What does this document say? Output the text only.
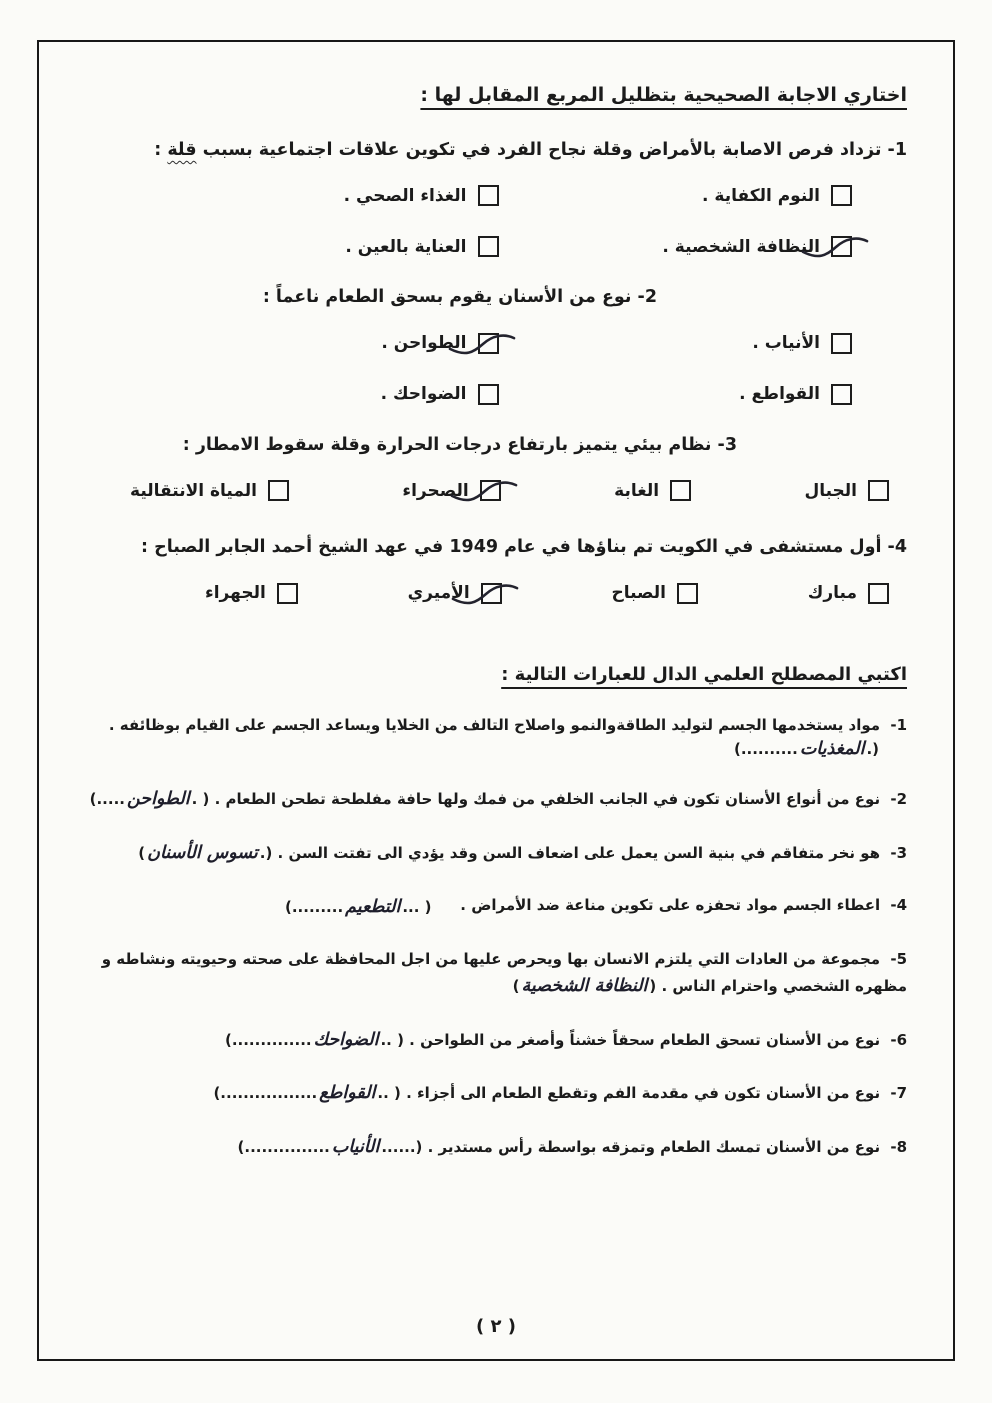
اختاري الاجابة الصحيحية بتظليل المربع المقابل لها :

1- تزداد فرص الاصابة بالأمراض وقلة نجاح الفرد في تكوين علاقات اجتماعية بسبب قلة :

النوم الكفاية .
الغذاء الصحي .
النظافة الشخصية .
العناية بالعين .

2- نوع من الأسنان يقوم بسحق الطعام ناعماً :

الأنياب .
الطواحن .
القواطع .
الضواحك .

3- نظام بيئي يتميز بارتفاع درجات الحرارة وقلة سقوط الامطار :

الجبال
الغابة
الصحراء
المياة الانتقالية

4- أول مستشفى في الكويت تم بناؤها في عام 1949 في عهد الشيخ أحمد الجابر الصباح :

مبارك
الصباح
الأميري
الجهراء
اكتبي المصطلح العلمي الدال للعبارات التالية :

1- مواد يستخدمها الجسم لتوليد الطاقةوالنمو واصلاح التالف من الخلايا ويساعد الجسم على القيام بوظائفه .

(.المغذيات..........)

2- نوع من أنواع الأسنان تكون في الجانب الخلفي من فمك ولها حافة مفلطحة تطحن الطعام . ( .الطواحن.....)

3- هو نخر متفاقم في بنية السن يعمل على اضعاف السن وقد يؤدي الى تفتت السن . (.تسوس الأسنان)

4- اعطاء الجسم مواد تحفزه على تكوين مناعة ضد الأمراض .
( ...التطعيم.........)

5- مجموعة من العادات التي يلتزم الانسان بها ويحرص عليها من اجل المحافظة على صحته وحيويته ونشاطه و مظهره الشخصي واحترام الناس . (النظافة الشخصية)

6- نوع من الأسنان تسحق الطعام سحقاً خشناً وأصغر من الطواحن . ( ..الضواحك..............)

7- نوع من الأسنان تكون في مقدمة الفم وتقطع الطعام الى أجزاء . ( ..القواطع.................)

8- نوع من الأسنان تمسك الطعام وتمزقه بواسطة رأس مستدير . (......الأنياب...............)

( ٢ )
